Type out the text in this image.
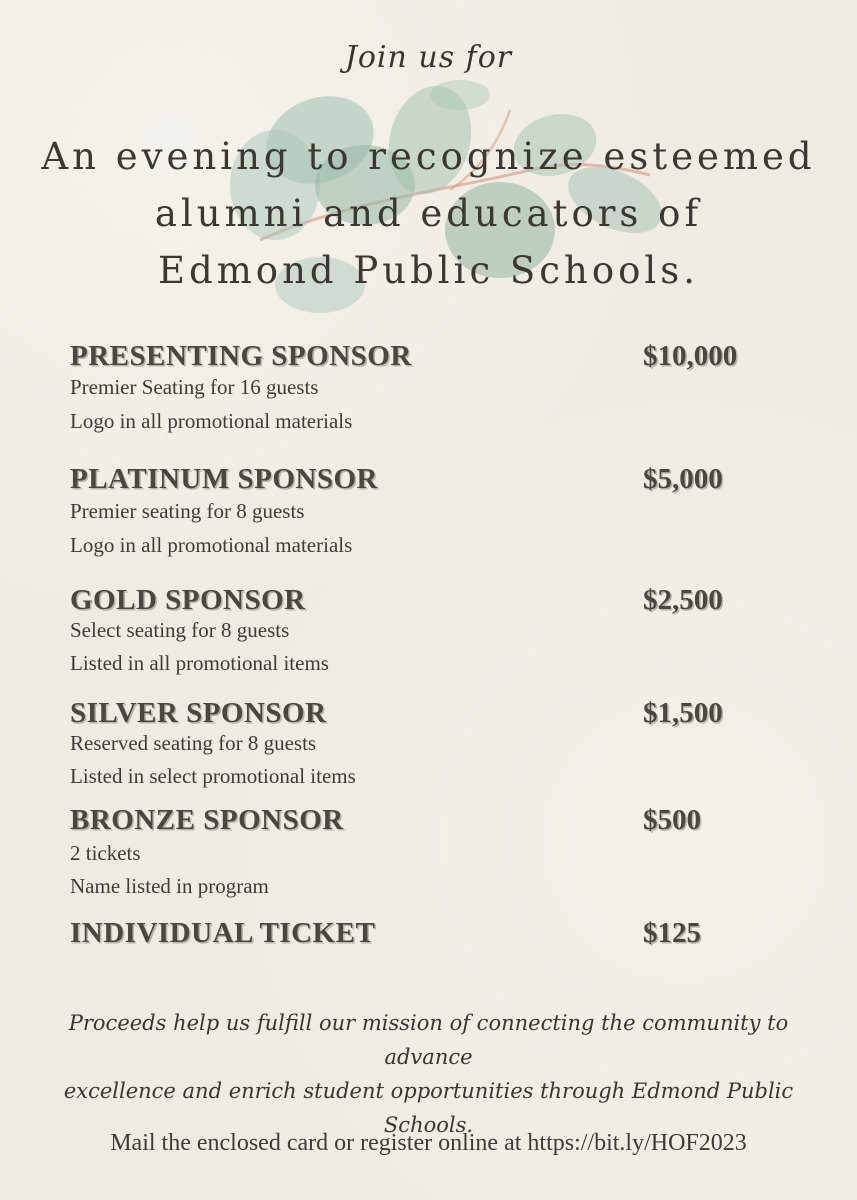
Join us for
An evening to recognize esteemed
alumni and educators of
Edmond Public Schools.
PRESENTING SPONSOR	$10,000
Premier Seating for 16 guests
Logo in all promotional materials
PLATINUM SPONSOR	$5,000
Premier seating for 8 guests
Logo in all promotional materials
GOLD SPONSOR	$2,500
Select seating for 8 guests
Listed in all promotional items
SILVER SPONSOR	$1,500
Reserved seating for 8 guests
Listed in select promotional items
BRONZE SPONSOR	$500
2 tickets
Name listed in program
INDIVIDUAL TICKET	$125
Proceeds help us fulfill our mission of connecting the community to advance
excellence and enrich student opportunities through Edmond Public Schools.
Mail the enclosed card or register online at https://bit.ly/HOF2023
